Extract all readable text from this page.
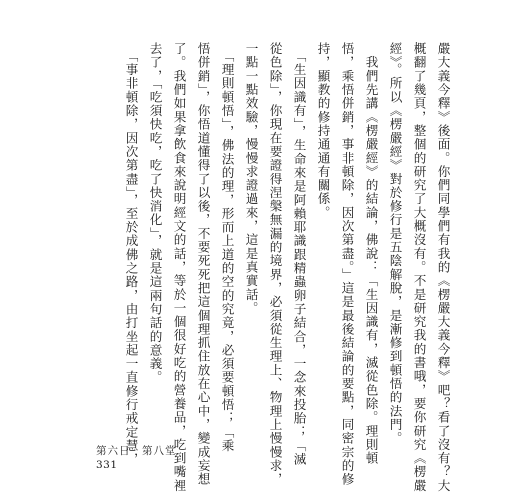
嚴大義今釋》後面。你們同學們有我的《楞嚴大義今釋》吧？看了沒有？大
概翻了幾頁，整個的研究了大概沒有。不是研究我的書哦，要你研究《楞嚴
經》。所以《楞嚴經》對於修行是五陰解脫，是漸修到頓悟的法門。
　我們先講《楞嚴經》的結論，佛說：「生因識有，滅從色除。理則頓
悟，乘悟併銷，事非頓除，因次第盡。」這是最後結論的要點，同密宗的修
持，顯教的修持通通有關係。
　「生因識有」，生命來是阿賴耶識跟精蟲卵子結合，一念來投胎；「滅
從色除」，你現在要證得涅槃無漏的境界，必須從生理上、物理上慢慢求，
一點一點效驗，慢慢求證過來，這是真實話。
　「理則頓悟」，佛法的理，形而上道的空的究竟，必須要頓悟；「乘
悟併銷」，你悟道懂得了以後，不要死死把這個理抓住放在心中，變成妄想
了。我們如果拿飲食來說明經文的話，等於一個很好吃的營養品，吃到嘴裡
去了，「吃須快吃，吃了快消化」，就是這兩句話的意義。
　「事非頓除，因次第盡」，至於成佛之路，由打坐起一直修行戒定慧，
第六日　第八堂
331
